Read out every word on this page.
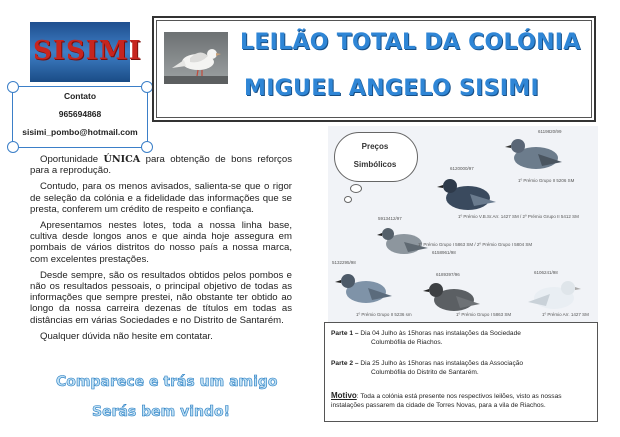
SISIMI

Contato

965694868

sisimi_pombo@hotmail.com

LEILÃO TOTAL DA COLÓNIA
MIGUEL ANGELO SISIMI

Oportunidade ÚNICA para obtenção de bons reforços para a reprodução.

Contudo, para os menos avisados, salienta-se que o rigor de seleção da colónia e a fidelidade das informações que se presta, conferem um crédito de respeito e confiança.

Apresentamos nestes lotes, toda a nossa linha base, cultiva desde longos anos e que ainda hoje assegura em pombais de vários distritos do nosso país a nossa marca, com excelentes prestações.

Desde sempre, são os resultados obtidos pelos pombos e não os resultados pessoais, o principal objetivo de todas as informações que sempre prestei, não obstante ter obtido ao longo da nossa carreira dezenas de títulos em todas as distâncias em várias Sociedades e no Distrito de Santarém.

Qualquer dúvida não hesite em contatar.

Comparece e trás um amigo
Serás bem vindo!
6119820/99
1º Prémio Grupo II 5206 SM
6120000/97
1º Prémio V.B.Sr.Arr. 1427 SM / 2º Prémio Grupo II 5412 SM
5913412/97
1º Prémio Grupo I 5863 SM / 2º Prémio Grupo I 5804 SM
5132295/98
1º Prémio Grupo II 5236 sm
6189397/96
1º Prémio Grupo I 5863 SM
6106241/98
1º Prémio Arr. 1427 SM
6158961/98
Preços
Simbólicos
Parte 1 – Dia 04 Julho às 15horas nas instalações da Sociedade
Columbófila de Riachos.
Parte 2 – Dia 25 Julho às 15horas nas instalações da Associação
Columbófila do Distrito de Santarém.
Motivo: Toda a colónia está presente nos respectivos leilões, visto as nossas
instalações passarem da cidade de Torres Novas, para a vila de Riachos.
